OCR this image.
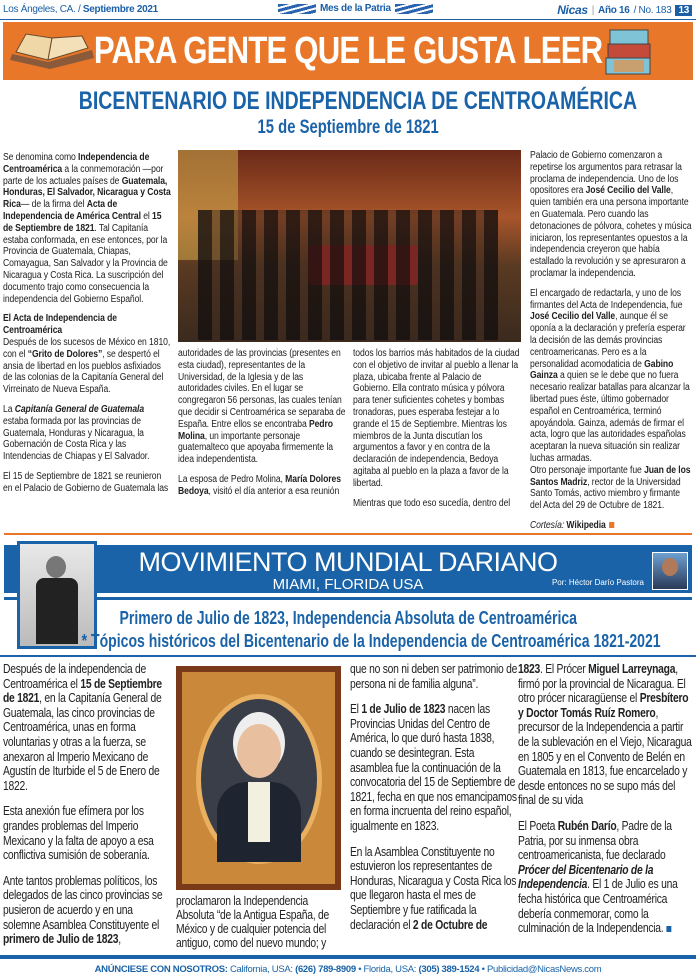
Los Ángeles, CA. / Septiembre 2021	Mes de la Patria	Nicas | Año 16 / No. 183 13
PARA GENTE QUE LE GUSTA LEER
BICENTENARIO DE INDEPENDENCIA DE CENTROAMÉRICA
15 de Septiembre de 1821

Se denomina como Independencia de Centroamérica a la conmemoración —por parte de los actuales países de Guatemala, Honduras, El Salvador, Nicaragua y Costa Rica— de la firma del Acta de Independencia de América Central el 15 de Septiembre de 1821. Tal Capitanía estaba conformada, en ese entonces, por la Provincia de Guatemala, Chiapas, Comayagua, San Salvador y la Provincia de Nicaragua y Costa Rica. La suscripción del documento trajo como consecuencia la independencia del Gobierno Español.

El Acta de Independencia de Centroamérica
Después de los sucesos de México en 1810, con el “Grito de Dolores”, se despertó el ansia de libertad en los pueblos asfixiados de las colonias de la Capitanía General del Virreinato de Nueva España.

La Capitanía General de Guatemala estaba formada por las provincias de Guatemala, Honduras y Nicaragua, la Gobernación de Costa Rica y las Intendencias de Chiapas y El Salvador.

El 15 de Septiembre de 1821 se reunieron en el Palacio de Gobierno de Guatemala las

autoridades de las provincias (presentes en esta ciudad), representantes de la Universidad, de la Iglesia y de las autoridades civiles. En el lugar se congregaron 56 personas, las cuales tenían que decidir si Centroamérica se separaba de España. Entre ellos se encontraba Pedro Molina, un importante personaje guatemalteco que apoyaba firmemente la idea independentista.

La esposa de Pedro Molina, María Dolores Bedoya, visitó el día anterior a esa reunión

todos los barrios más habitados de la ciudad con el objetivo de invitar al pueblo a llenar la plaza, ubicaba frente al Palacio de Gobierno. Ella contrato música y pólvora para tener suficientes cohetes y bombas tronadoras, pues esperaba festejar a lo grande el 15 de Septiembre. Mientras los miembros de la Junta discutían los argumentos a favor y en contra de la declaración de independencia, Bedoya agitaba al pueblo en la plaza a favor de la libertad.

Mientras que todo eso sucedía, dentro del

Palacio de Gobierno comenzaron a repetirse los argumentos para retrasar la proclama de independencia. Uno de los opositores era José Cecilio del Valle, quien también era una persona importante en Guatemala. Pero cuando las detonaciones de pólvora, cohetes y música iniciaron, los representantes opuestos a la independencia creyeron que había estallado la revolución y se apresuraron a proclamar la independencia.

El encargado de redactarla, y uno de los firmantes del Acta de Independencia, fue José Cecilio del Valle, aunque él se oponía a la declaración y prefería esperar la decisión de las demás provincias centroamericanas. Pero es a la personalidad acomodaticia de Gabino Gainza a quien se le debe que no fuera necesario realizar batallas para alcanzar la libertad pues éste, último gobernador español en Centroamérica, terminó apoyándola. Gainza, además de firmar el acta, logro que las autoridades españolas aceptaran la nueva situación sin realizar luchas armadas.
Otro personaje importante fue Juan de los Santos Madriz, rector de la Universidad Santo Tomás, activo miembro y firmante del Acta del 29 de Octubre de 1821.

Cortesía: Wikipedia

MOVIMIENTO MUNDIAL DARIANO
MIAMI, FLORIDA USA	Por: Héctor Darío Pastora
Primero de Julio de 1823, Independencia Absoluta de Centroamérica
* Tópicos históricos del Bicentenario de la Independencia de Centroamérica 1821-2021

Después de la independencia de Centroamérica el 15 de Septiembre de 1821, en la Capitanía General de Guatemala, las cinco provincias de Centroamérica, unas en forma voluntarias y otras a la fuerza, se anexaron al Imperio Mexicano de Agustín de Iturbide el 5 de Enero de 1822.

Esta anexión fue efímera por los grandes problemas del Imperio Mexicano y la falta de apoyo a esa conflictiva sumisión de soberanía.

Ante tantos problemas políticos, los delegados de las cinco provincias se pusieron de acuerdo y en una solemne Asamblea Constituyente el primero de Julio de 1823,

proclamaron la Independencia Absoluta “de la Antigua España, de México y de cualquier potencia del antiguo, como del nuevo mundo; y

que no son ni deben ser patrimonio de persona ni de familia alguna”.

El 1 de Julio de 1823 nacen las Provincias Unidas del Centro de América, lo que duró hasta 1838, cuando se desintegran. Esta asamblea fue la continuación de la convocatoria del 15 de Septiembre de 1821, fecha en que nos emancipamos en forma incruenta del reino español, igualmente en 1823.

En la Asamblea Constituyente no estuvieron los representantes de Honduras, Nicaragua y Costa Rica los que llegaron hasta el mes de Septiembre y fue ratificada la declaración el 2 de Octubre de

1823. El Prócer Miguel Larreynaga, firmó por la provincial de Nicaragua. El otro prócer nicaragüense el Presbítero y Doctor Tomás Ruíz Romero, precursor de la Independencia a partir de la sublevación en el Viejo, Nicaragua en 1805 y en el Convento de Belén en Guatemala en 1813, fue encarcelado y desde entonces no se supo más del final de su vida

El Poeta Rubén Darío, Padre de la Patria, por su inmensa obra centroamericanista, fue declarado Prócer del Bicentenario de la Independencia. El 1 de Julio es una fecha histórica que Centroamérica debería conmemorar, como la culminación de la Independencia.

ANÚNCIESE CON NOSOTROS: California, USA: (626) 789-8909 • Florida, USA: (305) 389-1524 • Publicidad@NicasNews.com
